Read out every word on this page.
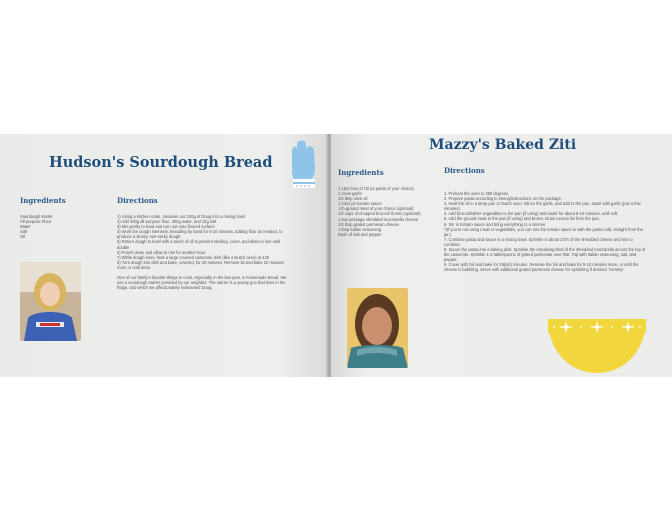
Hudson's Sourdough Bread
Ingredients
Sourdough starter
All-purpose Flour
Water
Salt
Oil
Directions
1) Using a kitchen scale, measure out 100g of Doug into a mixing bowl
2) Add 400g all-purpose flour, 300g water, and 10g salt
3) Mix gently to bowl and turn out onto floured surface
4) Work the dough intensely, kneading by hand for 5-10 minutes, adding flour as needed, to produce a sturdy, non-sticky dough
5) Return dough to bowl with a touch of oil to prevent sticking, cover, and allow to rise until double
6) Punch down and allow to rise for another hour
7) While dough rises, heat a large covered casserole dish (like a Dutch oven) at 425
8) Turn dough into dish and bake, covered, for 20 minutes. Remove lid and bake 20 minutes more or until done.
One of our family's favorite things to cook, especially in the last year, is homemade bread. We use a sourdough starter provided by our neighbor. The starter is a yeasty goo that lives in the fridge, and which we affectionately nicknamed Doug.
Mazzy's Baked Ziti
Ingredients
1 16oz box of ziti (or pasta of your choice)
1 clove garlic
1/2 tbsp olive oil
1 24oz jar tomato sauce
1 lb ground meat of your choice (optional)
1/2 cups of chopped broccoli florets (optional)
1 8oz package shredded mozzarella cheese
1/2 tbsp grated parmesan cheese
1 tbsp Italian seasoning
Dash of salt and pepper
Directions
1. Preheat the oven to 350 degrees.
2. Prepare pasta according to timing/instructions on the package.
3. Heat the oil in a deep pan or Dutch oven. Mince the garlic, and add to the pan, sauté with garlic (just a few minutes).
4. Add broccoli/other vegetables to the pan (if using) and sauté for about 5-10 minutes, until soft.
5. Add the ground meat to the pan (if using) and brown. Drain excess fat from the pan.
6. Stir in tomato sauce and bring everything to a simmer.
*(If you're not using meat or vegetables, you can mix the tomato sauce in with the pasta cold, straight from the jar.)
7. Combine pasta and sauce in a mixing bowl. Sprinkle in about 2/3's of the shredded cheese and mix to combine.
8. Spoon the pasta into a baking dish. Sprinkle the remaining third of the shredded mozzarella across the top of the casserole. Sprinkle 1-2 tablespoons of grated parmesan over that. Top with Italian seasoning, salt, and pepper.
9. Cover with foil and bake for 25(ish) minutes. Remove the foil and bake for 5-10 minutes more, or until the cheese is bubbling. Serve with additional grated parmesan cheese for sprinkling if desired. Yummy!
